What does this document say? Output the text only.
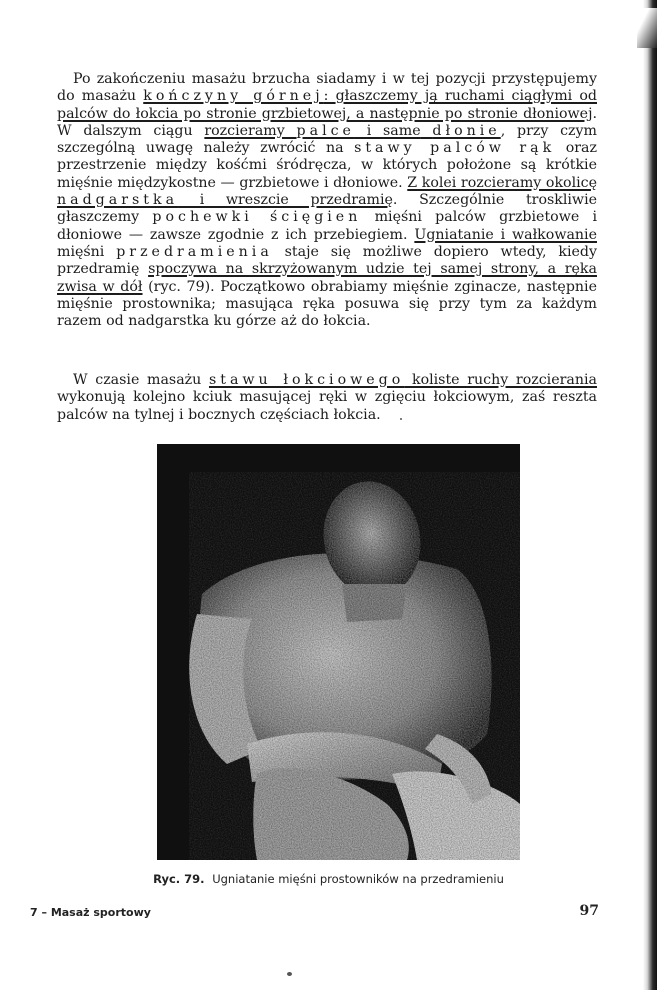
Po zakończeniu masażu brzucha siadamy i w tej pozycji przystępujemy do masażu kończyny górnej: głaszczemy ją ruchami ciągłymi od palców do łokcia po stronie grzbietowej, a następnie po stronie dłoniowej. W dalszym ciągu rozcieramy palce i same dłonie, przy czym szczególną uwagę należy zwrócić na stawy palców rąk oraz przestrzenie między kośćmi śródręcza, w których położone są krótkie mięśnie międzykostne — grzbietowe i dłoniowe. Z kolei rozcieramy okolicę nadgarstka i wreszcie przedramię. Szczególnie troskliwie głaszczemy pochewki ścięgien mięśni palców grzbietowe i dłoniowe — zawsze zgodnie z ich przebiegiem. Ugniatanie i wałkowanie mięśni przedramienia staje się możliwe dopiero wtedy, kiedy przedramię spoczywa na skrzyżowanym udzie tej samej strony, a ręka zwisa w dół (ryc. 79). Początkowo obrabiamy mięśnie zginacze, następnie mięśnie prostownika; masująca ręka posuwa się przy tym za każdym razem od nadgarstka ku górze aż do łokcia.
W czasie masażu stawu łokciowego koliste ruchy rozcierania wykonują kolejno kciuk masującej ręki w zgięciu łokciowym, zaś reszta palców na tylnej i bocznych częściach łokcia.
Ryc. 79. Ugniatanie mięśni prostowników na przedramieniu
7 – Masaż sportowy	97
